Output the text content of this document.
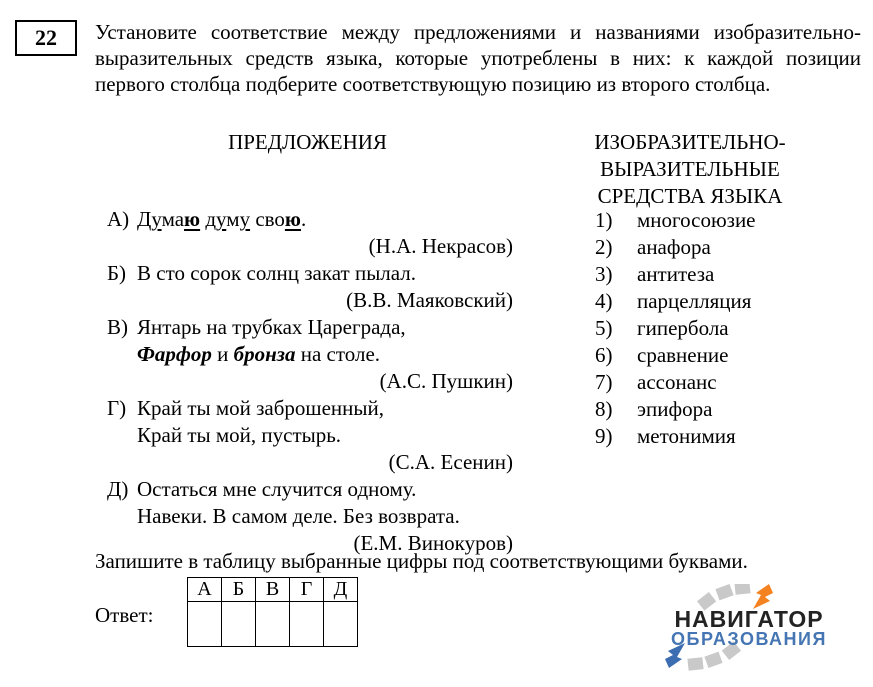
22 Установите соответствие между предложениями и названиями изобразительно-выразительных средств языка, которые употреблены в них: к каждой позиции первого столбца подберите соответствующую позицию из второго столбца.

ПРЕДЛОЖЕНИЯ	ИЗОБРАЗИТЕЛЬНО-
ВЫРАЗИТЕЛЬНЫЕ
СРЕДСТВА ЯЗЫКА
А) Думаю думу свою.
(Н.А. Некрасов)
Б) В сто сорок солнц закат пылал.
(В.В. Маяковский)
В) Янтарь на трубках Цареграда,
Фарфор и бронза на столе.
(А.С. Пушкин)
Г) Край ты мой заброшенный,
Край ты мой, пустырь.
(С.А. Есенин)
Д) Остаться мне случится одному.
Навеки. В самом деле. Без возврата.
(Е.М. Винокуров)
1)	многосоюзие
2)	анафора
3)	антитеза
4)	парцелляция
5)	гипербола
6)	сравнение
7)	ассонанс
8)	эпифора
9)	метонимия

Запишите в таблицу выбранные цифры под соответствующими буквами.

Ответ:
А	Б	В	Г	Д

НАВИГАТОР
ОБРАЗОВАНИЯ
